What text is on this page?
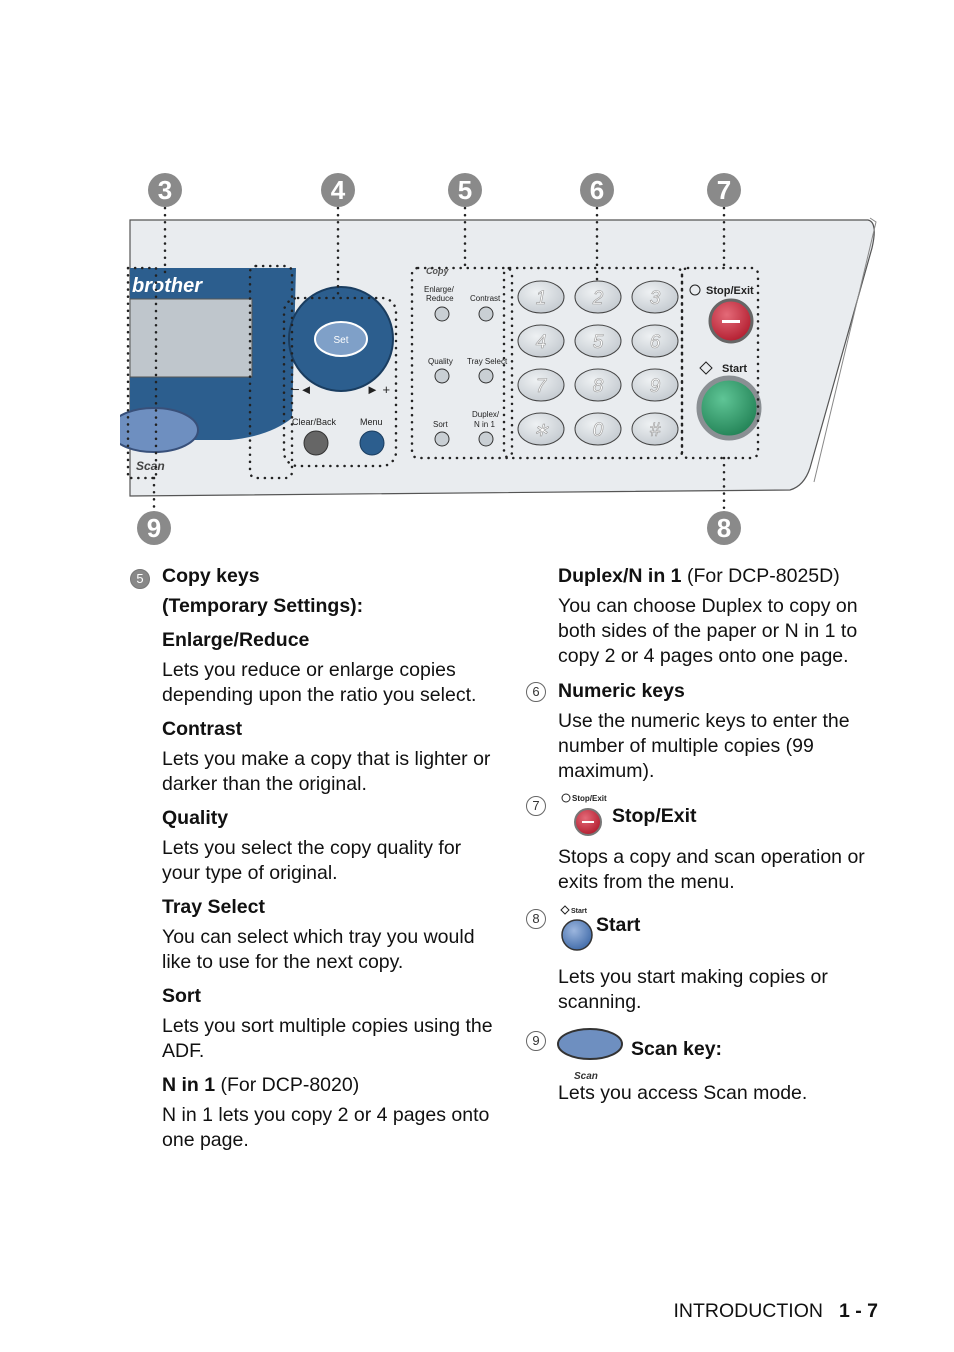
brother
Scan
Set
−◄	► +
Clear/Back	Menu
Copy
Enlarge/
Reduce Contrast
Quality Tray Select
Sort
Duplex/
N in 1
1 2 3
4 5 6
7 8 9
∗ 0 #
Stop/Exit
Start
3	4	5	6	7
8
9
5 Copy keys
(Temporary Settings):
Enlarge/Reduce
Lets you reduce or enlarge copies depending upon the ratio you select.
Contrast
Lets you make a copy that is lighter or darker than the original.
Quality
Lets you select the copy quality for your type of original.
Tray Select
You can select which tray you would like to use for the next copy.
Sort
Lets you sort multiple copies using the ADF.
N in 1 (For DCP-8020)
N in 1 lets you copy 2 or 4 pages onto one page.
Duplex/N in 1 (For DCP-8025D)
You can choose Duplex to copy on both sides of the paper or N in 1 to copy 2 or 4 pages onto one page.
6 Numeric keys
Use the numeric keys to enter the number of multiple copies (99 maximum).
7	Stop/Exit
Stop/Exit
Stops a copy and scan operation or exits from the menu.
8	Start
Start
Lets you start making copies or scanning.
9
Scan
Scan key:
Lets you access Scan mode.
INTRODUCTION 1 - 7
